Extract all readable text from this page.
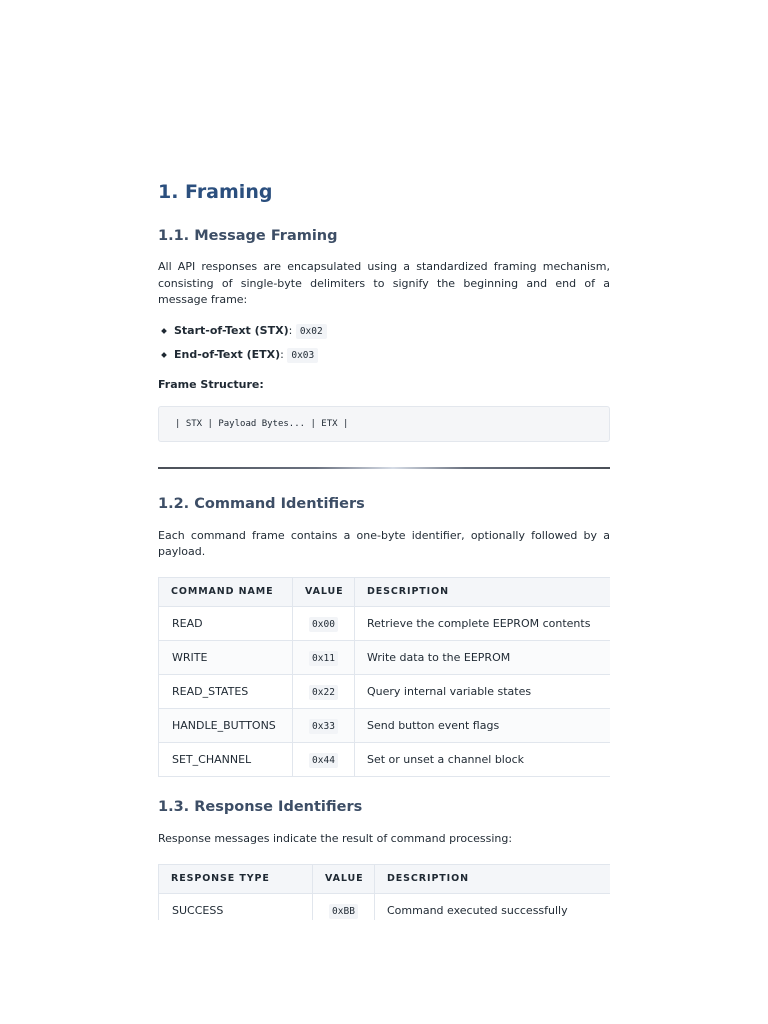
1. Framing
1.1. Message Framing

All API responses are encapsulated using a standardized framing mechanism, consisting of single-byte delimiters to signify the beginning and end of a message frame:

Start-of-Text (STX): 0x02
End-of-Text (ETX): 0x03
Frame Structure:
| STX | Payload Bytes... | ETX |
1.2. Command Identifiers

Each command frame contains a one-byte identifier, optionally followed by a payload.

COMMAND NAME	VALUE	DESCRIPTION
READ	0x00	Retrieve the complete EEPROM contents
WRITE	0x11	Write data to the EEPROM
READ_STATES	0x22	Query internal variable states
HANDLE_BUTTONS	0x33	Send button event flags
SET_CHANNEL	0x44	Set or unset a channel block
1.3. Response Identifiers

Response messages indicate the result of command processing:

RESPONSE TYPE	VALUE	DESCRIPTION
SUCCESS	0xBB	Command executed successfully
